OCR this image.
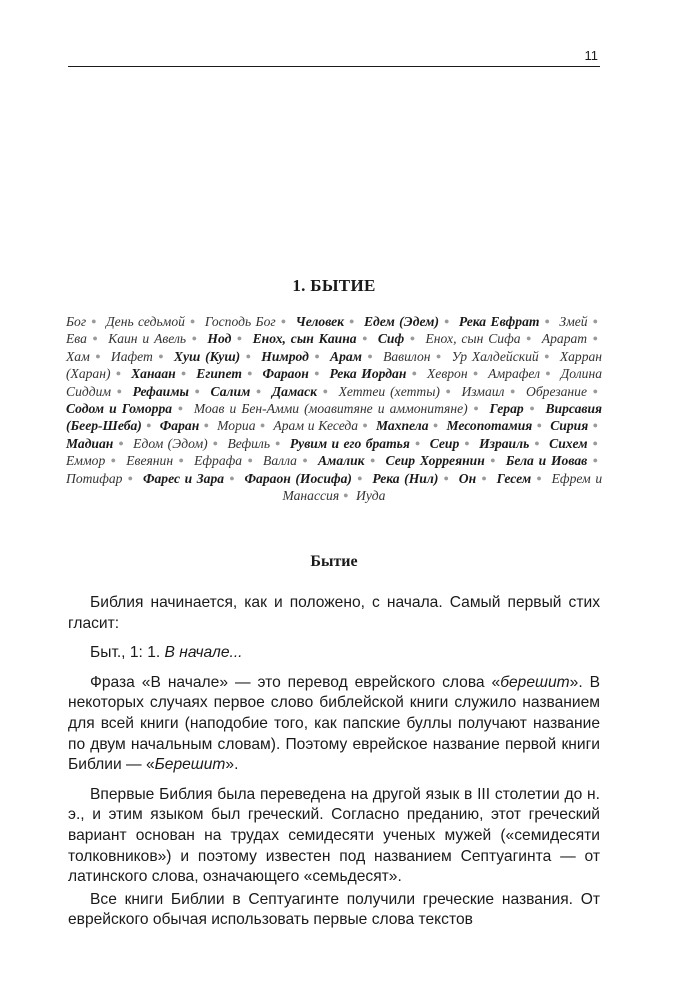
11
1. БЫТИЕ
Бог ● День седьмой ● Господь Бог ● Человек ● Едем (Эдем) ● Река Евфрат ● Змей ● Ева ● Каин и Авель ● Нод ● Енох, сын Каина ● Сиф ● Енох, сын Сифа ● Арарат ● Хам ● Иафет ● Хуш (Куш) ● Нимрод ● Арам ● Вавилон ● Ур Халдейский ● Харран (Харан) ● Ханаан ● Египет ● Фараон ● Река Иордан ● Хеврон ● Амрафел ● Долина Сиддим ● Рефаимы ● Салим ● Дамаск ● Хеттеи (хетты) ● Измаил ● Обрезание ● Содом и Гоморра ● Моав и Бен-Амми (моавитяне и аммонитяне) ● Герар ● Вирсавия (Беер-Шеба) ● Фаран ● Мориа ● Арам и Кеседа ● Махпела ● Месопотамия ● Сирия ● Мадиан ● Едом (Эдом) ● Вефиль ● Рувим и его братья ● Сеир ● Израиль ● Сихем ● Еммор ● Евеянин ● Ефрафа ● Валла ● Амалик ● Сеир Хорреянин ● Бела и Иовав ● Потифар ● Фарес и Зара ● Фараон (Иосифа) ● Река (Нил) ● Он ● Гесем ● Ефрем и Манассия ● Иуда
Бытие

Библия начинается, как и положено, с начала. Самый первый стих гласит:

Быт., 1: 1. В начале...

Фраза «В начале» — это перевод еврейского слова «берешит». В некоторых случаях первое слово библейской книги служило названием для всей книги (наподобие того, как папские буллы получают название по двум начальным словам). Поэтому еврейское название первой книги Библии — «Берешит».

Впервые Библия была переведена на другой язык в III столетии до н. э., и этим языком был греческий. Согласно преданию, этот греческий вариант основан на трудах семидесяти ученых мужей («семидесяти толковников») и поэтому известен под названием Септуагинта — от латинского слова, означающего «семьдесят».

Все книги Библии в Септуагинте получили греческие названия. От еврейского обычая использовать первые слова текстов
